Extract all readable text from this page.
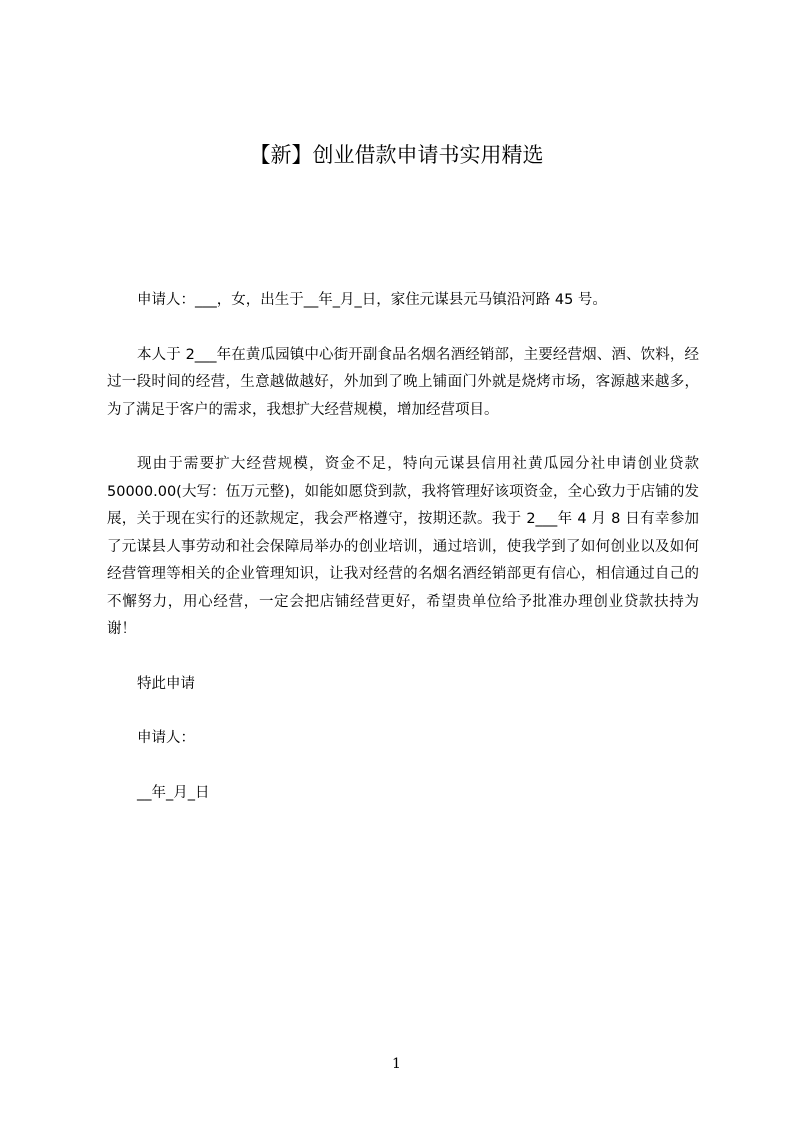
【新】创业借款申请书实用精选

申请人：___，女，出生于__年_月_日，家住元谋县元马镇沿河路 45 号。

本人于 2___年在黄瓜园镇中心街开副食品名烟名酒经销部，主要经营烟、酒、饮料，经过一段时间的经营，生意越做越好，外加到了晚上铺面门外就是烧烤市场，客源越来越多，为了满足于客户的需求，我想扩大经营规模，增加经营项目。

现由于需要扩大经营规模，资金不足，特向元谋县信用社黄瓜园分社申请创业贷款 50000.00(大写：伍万元整)，如能如愿贷到款，我将管理好该项资金，全心致力于店铺的发展，关于现在实行的还款规定，我会严格遵守，按期还款。我于 2___年 4 月 8 日有幸参加了元谋县人事劳动和社会保障局举办的创业培训，通过培训，使我学到了如何创业以及如何经营管理等相关的企业管理知识，让我对经营的名烟名酒经销部更有信心，相信通过自己的不懈努力，用心经营，一定会把店铺经营更好，希望贵单位给予批准办理创业贷款扶持为谢！

特此申请

申请人：

__年_月_日

1
